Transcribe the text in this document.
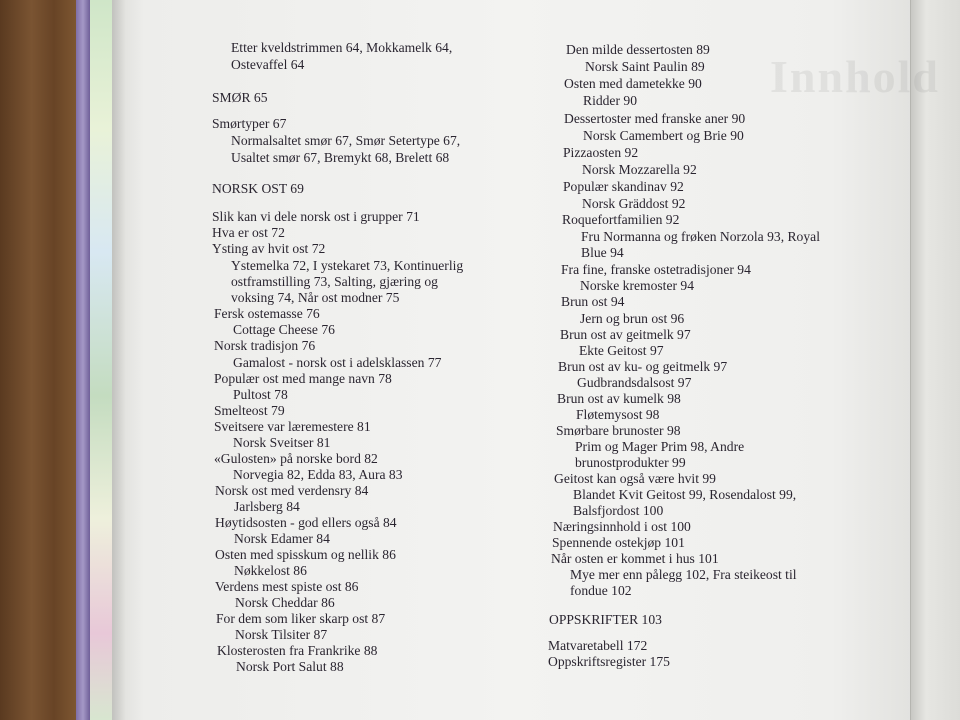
Innhold
Etter kveldstrimmen 64, Mokkamelk 64,
Ostevaffel 64
SMØR 65
Smørtyper 67
Normalsaltet smør 67, Smør Setertype 67,
Usaltet smør 67, Bremykt 68, Brelett 68
NORSK OST 69
Slik kan vi dele norsk ost i grupper 71
Hva er ost 72
Ysting av hvit ost 72
Ystemelka 72, I ystekaret 73, Kontinuerlig
ostframstilling 73, Salting, gjæring og
voksing 74, Når ost modner 75
Fersk ostemasse 76
Cottage Cheese 76
Norsk tradisjon 76
Gamalost - norsk ost i adelsklassen 77
Populær ost med mange navn 78
Pultost 78
Smelteost 79
Sveitsere var læremestere 81
Norsk Sveitser 81
«Gulosten» på norske bord 82
Norvegia 82, Edda 83, Aura 83
Norsk ost med verdensry 84
Jarlsberg 84
Høytidsosten - god ellers også 84
Norsk Edamer 84
Osten med spisskum og nellik 86
Nøkkelost 86
Verdens mest spiste ost 86
Norsk Cheddar 86
For dem som liker skarp ost 87
Norsk Tilsiter 87
Klosterosten fra Frankrike 88
Norsk Port Salut 88
Den milde dessertosten 89
Norsk Saint Paulin 89
Osten med dametekke 90
Ridder 90
Dessertoster med franske aner 90
Norsk Camembert og Brie 90
Pizzaosten 92
Norsk Mozzarella 92
Populær skandinav 92
Norsk Gräddost 92
Roquefortfamilien 92
Fru Normanna og frøken Norzola 93, Royal
Blue 94
Fra fine, franske ostetradisjoner 94
Norske kremoster 94
Brun ost 94
Jern og brun ost 96
Brun ost av geitmelk 97
Ekte Geitost 97
Brun ost av ku- og geitmelk 97
Gudbrandsdalsost 97
Brun ost av kumelk 98
Fløtemysost 98
Smørbare brunoster 98
Prim og Mager Prim 98, Andre
brunostprodukter 99
Geitost kan også være hvit 99
Blandet Kvit Geitost 99, Rosendalost 99,
Balsfjordost 100
Næringsinnhold i ost 100
Spennende ostekjøp 101
Når osten er kommet i hus 101
Mye mer enn pålegg 102, Fra steikeost til
fondue 102
OPPSKRIFTER 103
Matvaretabell 172
Oppskriftsregister 175
